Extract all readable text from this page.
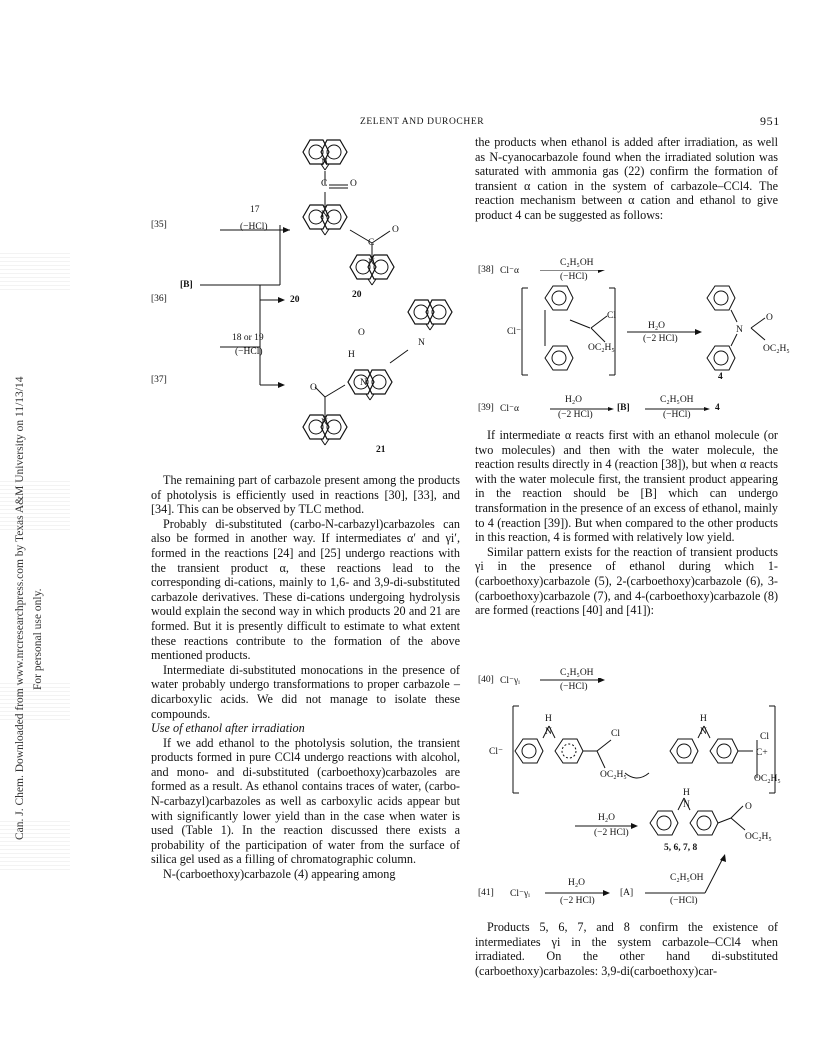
ZELENT AND DUROCHER	951
Can. J. Chem. Downloaded from www.nrcresearchpress.com by Texas A&M University on 11/13/14 For personal use only.
[35]
[36]
[37]
[B]
17
(−HCl)
20
18 or 19
(−HCl)
20
21
N
C O
N
O
C
N
H
O
N
N
O
N

The remaining part of carbazole present among the products of photolysis is efficiently used in reactions [30], [33], and [34]. This can be observed by TLC method.

Probably di-substituted (carbo-N-carbazyl)carbazoles can also be formed in another way. If intermediates α′ and γi′, formed in the reactions [24] and [25] undergo reactions with the transient product α, these reactions lead to the corresponding di-cations, mainly to 1,6- and 3,9-di-substituted carbazole derivatives. These di-cations undergoing hydrolysis would explain the second way in which products 20 and 21 are formed. But it is presently difficult to estimate to what extent these reactions contribute to the formation of the above mentioned products.

Intermediate di-substituted monocations in the presence of water probably undergo transformations to proper carbazole – dicarboxylic acids. We did not manage to isolate these compounds.

Use of ethanol after irradiation

If we add ethanol to the photolysis solution, the transient products formed in pure CCl4 undergo reactions with alcohol, and mono- and di-substituted (carboethoxy)carbazoles are formed as a result. As ethanol contains traces of water, (carbo-N-carbazyl)carbazoles as well as carboxylic acids appear but with significantly lower yield than in the case when water is used (Table 1). In the reaction discussed there exists a probability of the participation of water from the surface of silica gel used as a filling of chromatographic column.

N-(carboethoxy)carbazole (4) appearing among

the products when ethanol is added after irradiation, as well as N-cyanocarbazole found when the irradiated solution was saturated with ammonia gas (22) confirm the formation of transient α cation in the system of carbazole–CCl4. The reaction mechanism between α cation and ethanol to give product 4 can be suggested as follows:

[38] Cl⁻α
C₂H₅OH
(−HCl)
Cl⁻
Cl
OC₂H₅
H₂O
(−2 HCl)
N
O
OC₂H₅
4
[39] Cl⁻α
H₂O
(−2 HCl)
[B]
C₂H₅OH
(−HCl)
4

If intermediate α reacts first with an ethanol molecule (or two molecules) and then with the water molecule, the reaction results directly in 4 (reaction [38]), but when α reacts with the water molecule first, the transient product appearing in the reaction should be [B] which can undergo transformation in the presence of an excess of ethanol, mainly to 4 (reaction [39]). But when compared to the other products in this reaction, 4 is formed with relatively low yield.

Similar pattern exists for the reaction of transient products γi in the presence of ethanol during which 1-(carboethoxy)carbazole (5), 2-(carboethoxy)carbazole (6), 3-(carboethoxy)carbazole (7), and 4-(carboethoxy)carbazole (8) are formed (reactions [40] and [41]):

[40] Cl⁻γᵢ
C₂H₅OH
(−HCl)
H
N	Cl
OC₂H₅
Cl⁻
H
N	Cl
C+
OC₂H₅
H₂O
(−2 HCl)
H
N	O
OC₂H₅
5, 6, 7, 8
[41] Cl⁻γᵢ
H₂O
(−2 HCl)
[A]
C₂H₅OH
(−HCl)

Products 5, 6, 7, and 8 confirm the existence of intermediates γi in the system carbazole–CCl4 when irradiated. On the other hand di-substituted (carboethoxy)carbazoles: 3,9-di(carboethoxy)car-
